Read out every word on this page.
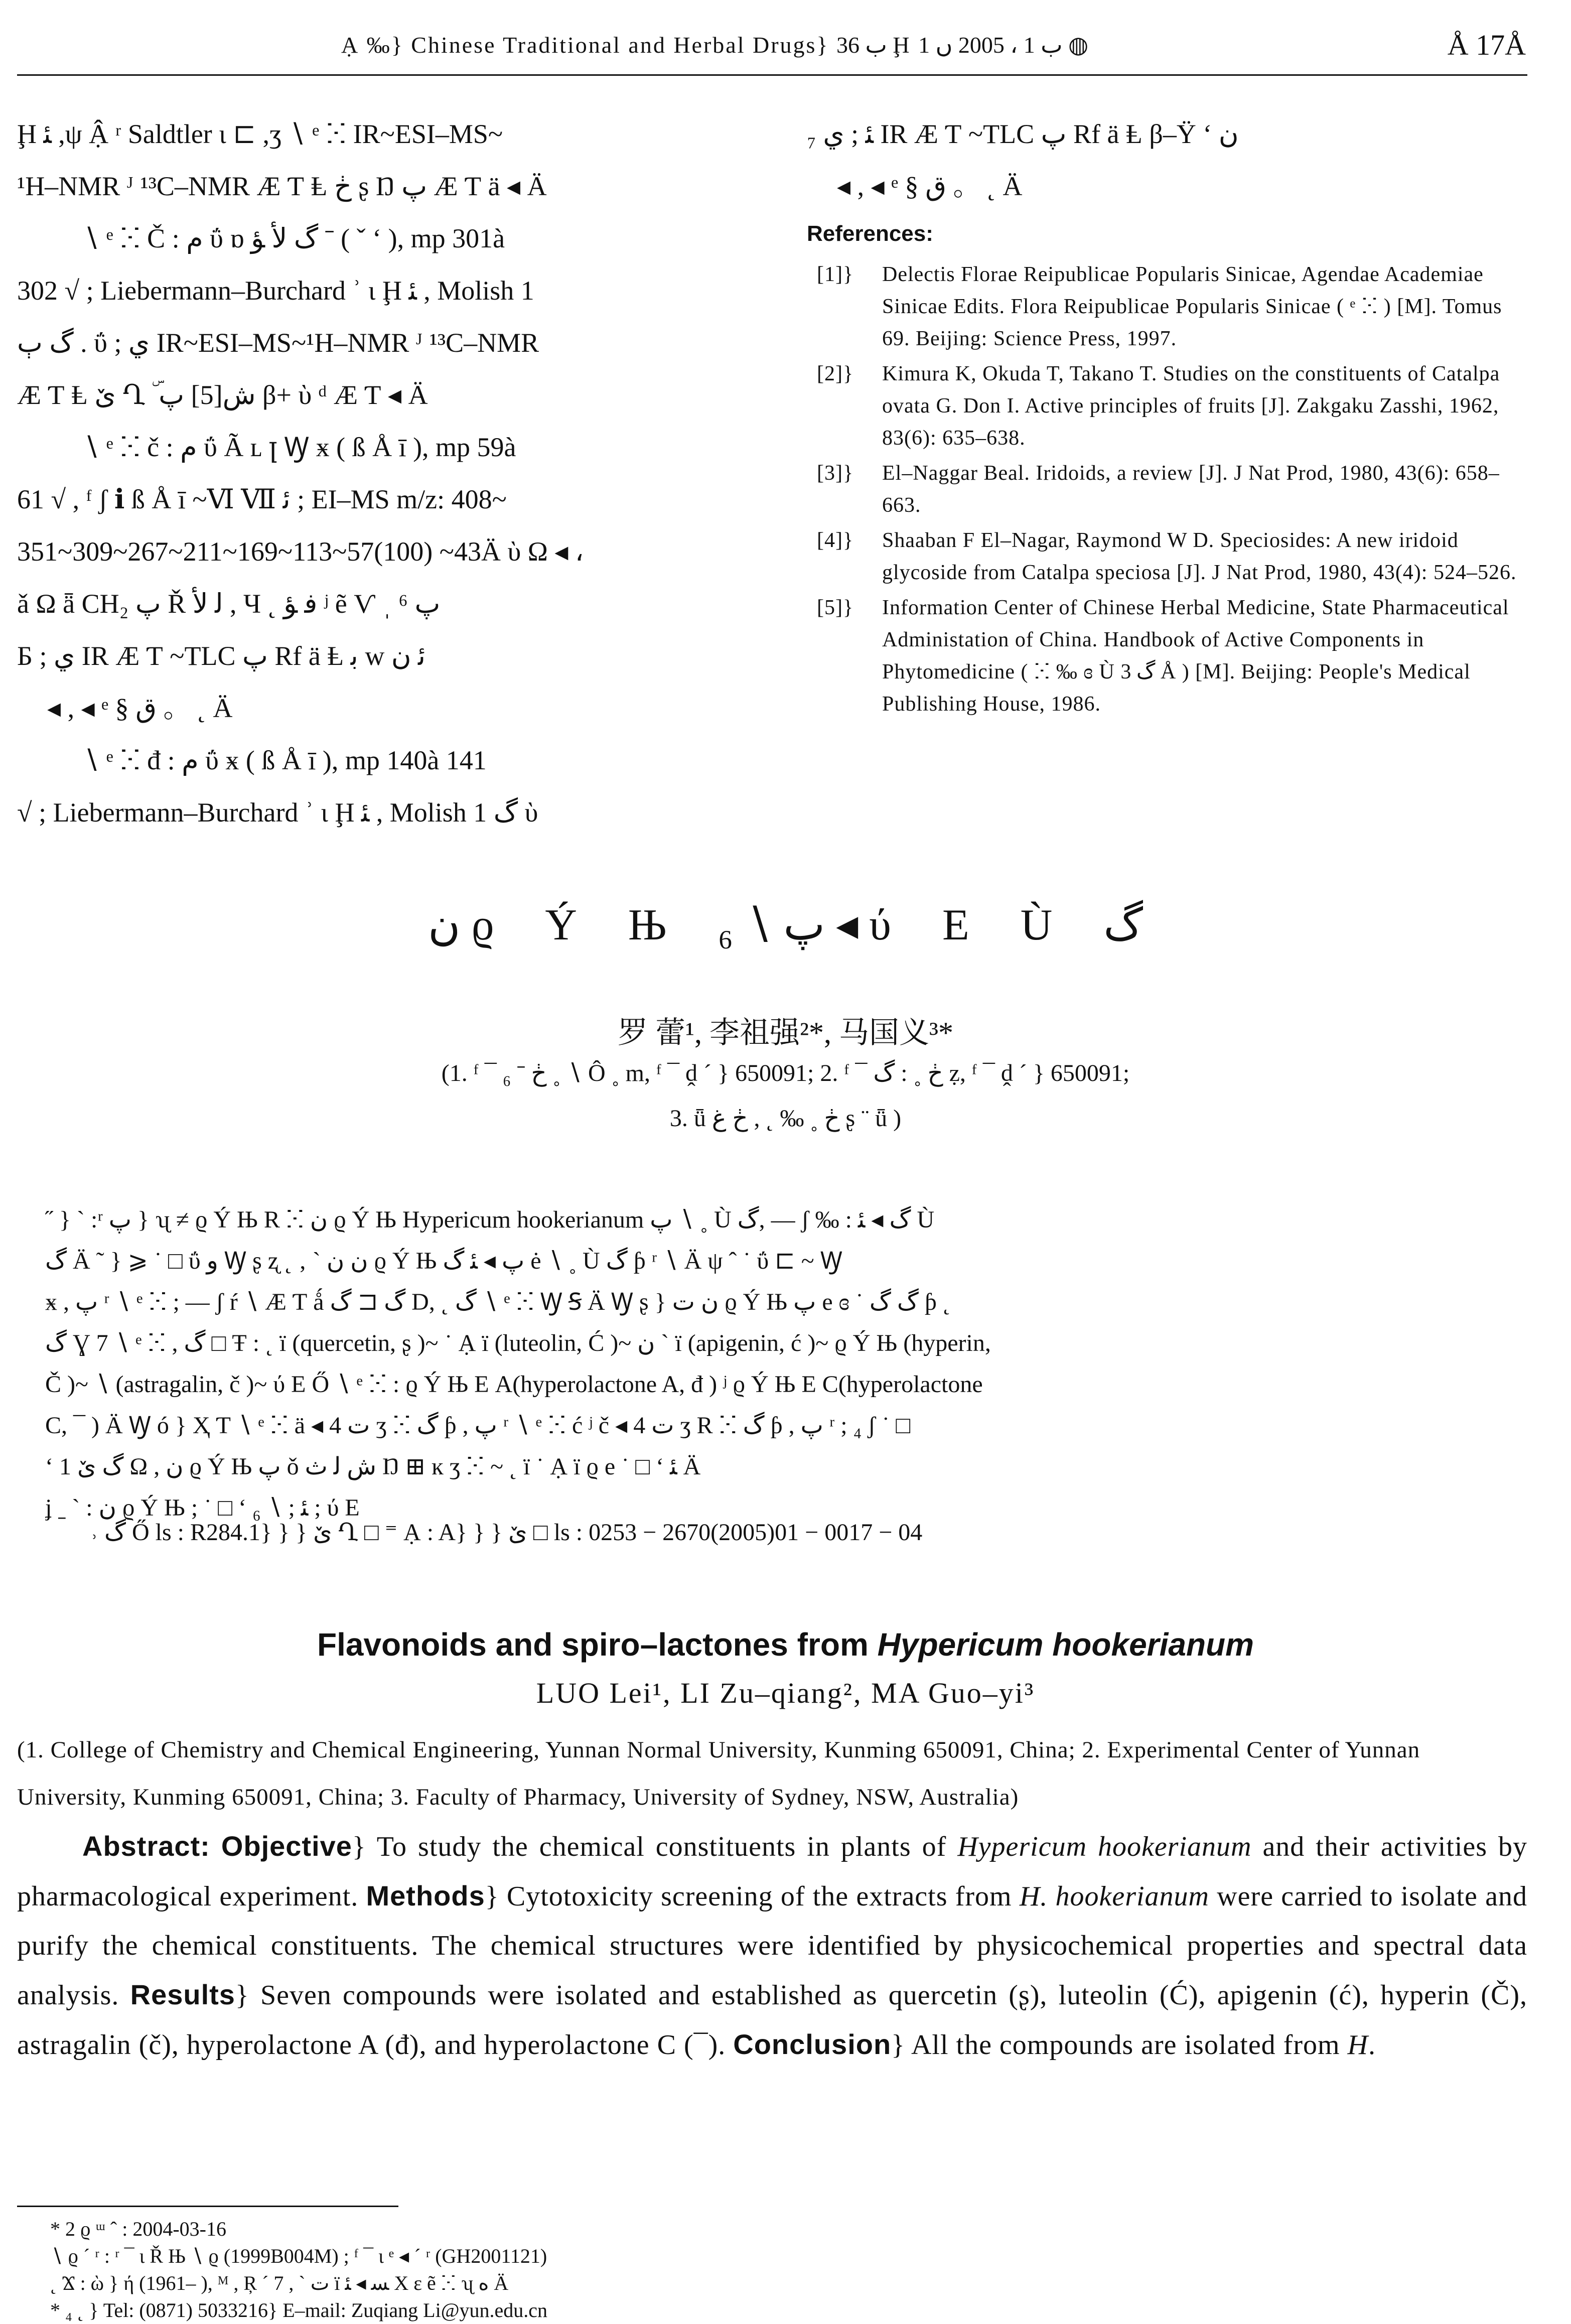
Ạ ‰} Chinese Traditional and Herbal Drugs} ب 36 Ḩ ب 1 ، 2005 ں 1 ◍	Å 17Å

Ḩ ﺌ ,ψ Ậ ʳ Saldtler ι ⊏ ,ʒ ∖ ᵉ ⵘ IR~ESI–MS~

¹H–NMR ᴶ ¹³C–NMR Æ Ƭ Ⱡ ڂ ʂ Ŋ پ Æ Ƭ ä ◂ Ä

∖ ᵉ ⵘ Č : ﻡ ΰ ɒ گ ﻷ ﺆ ˉ ( ˇ ʻ ), mp 301à

302 √ ; Liebermann–Burchard ʾ ι Ḩ ﺌ , Molish 1

گ ٻ . ΰ ; ي IR~ESI–MS~¹H–NMR ᴶ ¹³C–NMR

Æ Ƭ Ⱡ ێ Ղ ۜ ﺵ[5] پ β+ ὺ ᵈ Æ Ƭ ◂ Ä

∖ ᵉ ⵘ č : ﻡ ΰ Ã ʟ ꞁ Ꝡ ӿ ( ß Å ī ), mp 59à

61 √ , ᶠ ʃ ℹ ß Å ī ~Ⅵ Ⅶ ﺋ ; EI–MS m/z: 408~

351~309~267~211~169~113~57(100) ~43Ä ὺ Ω ◂ ،

ǎ Ω ǟ CH₂ پ Ř ﻟ ﻷ , Ч ˛ ﻓ ﺆ ʲ ẽ Ѵ ˌ ⁶ پ

Б ; ي IR Æ Ƭ ~TLC پ Rf ä Ⱡ ﺑ w ﺋ ﻥ

◂ , ◂ ᵉ § ﻕ 。 ˛ Ä

∖ ᵉ ⵘ đ : ﻡ ΰ ӿ ( ß Å ī ), mp 140à 141

√ ; Liebermann–Burchard ʾ ι Ḩ ﺌ , Molish 1 گ ὺ

₇ ﺌ ; ي IR Æ Ƭ ~TLC پ Rf ä Ⱡ β–Ÿ ʻ ﻥ

◂ , ◂ ᵉ § ﻕ 。 ˛ Ä

References:
[1]} Delectis Florae Reipublicae Popularis Sinicae, Agendae Academiae Sinicae Edits. Flora Reipublicae Popularis Sinicae ( ᵉ ⵘ ) [M]. Tomus 69. Beijing: Science Press, 1997.
[2]} Kimura K, Okuda T, Takano T. Studies on the constituents of Catalpa ovata G. Don I. Active principles of fruits [J]. Zakgaku Zasshi, 1962, 83(6): 635–638.
[3]} El–Naggar Beal. Iridoids, a review [J]. J Nat Prod, 1980, 43(6): 658–663.
[4]} Shaaban F El–Nagar, Raymond W D. Speciosides: A new iridoid glycoside from Catalpa speciosa [J]. J Nat Prod, 1980, 43(4): 524–526.
[5]} Information Center of Chinese Herbal Medicine, State Pharmaceutical Administation of China. Handbook of Active Components in Phytomedicine ( ⵘ ‰ ɞ Ù گ 3 Å ) [M]. Beijing: People's Medical Publishing House, 1986.
ﻥ ϱ Ý Њ پ ∖ ₆ ◂ ύ Е Ù گ
罗 蕾¹, 李祖强²*, 马国义³*
(1. ᶠ ¯ ₆ ˉ ڂ ˳ ∖ Ô ˳ m, ᶠ ¯ ḓ ´ } 650091; 2. ᶠ ¯ ڂ ˳ : گ ẓ, ᶠ ¯ ḓ ´ } 650091;
3. ǖ ڂ ˳ ‰ ˛ , ڂ ﻍ ʂ ¨ ǖ )

˝ } ˋ :ʳ پ } ʯ ≠ ϱ Ý Њ R ⵘ ﻥ ϱ Ý Њ Hypericum hookerianum پ ∖ ˳ Ù گ, — ʃ ‰ : گ ◂ ﺌ Ù

گ Ä ˜ } ⩾ ˙ □ ΰ ﻭ Ꝡ ʂ ʐ ˛ ‚ ˋ ﻥ ﻥ ϱ Ý Њ پ ◂ ﺌ گ ė ∖ ˳ Ù گ ƥ ʳ ∖ Ä ψ ˆ ˙ ΰ ⊏ ~ Ꝡ

ӿ , پ ʳ ∖ ᵉ ⵘ ; — ʃ ŕ ∖ Æ Ƭ ǻ گ ⊏ گ D, ˛ گ ∖ ᵉ ⵘ Ꝡ Ꞩ Ä Ꝡ ʂ } ﻥ ﺕ ϱ Ý Њ پ e ɞ ˙ گ گ ƥ ˛

گ Ɣ 7 ∖ ᵉ ⵘ , گ □ Ŧ : ˛ ï (quercetin, ʂ )~ ˙ Ạ ï (luteolin, Ć )~ ﻥ ˋ ï (apigenin, ć )~ ϱ Ý Њ (hyperin,

Č )~ ∖ (astragalin, č )~ ύ Е Ő ∖ ᵉ ⵘ : ϱ Ý Њ Е A(hyperolactone A, đ ) ʲ ϱ Ý Њ Е C(hyperolactone

C, ¯ ) Ä Ꝡ ó } Ҳ Ƭ ∖ ᵉ ⵘ ä ◂ 4 ﺕ ʒ ⵘ گ ƥ , پ ʳ ∖ ᵉ ⵘ ć ʲ č ◂ 4 ﺕ ʒ R ⵘ گ ƥ , پ ʳ ; ₄ ʃ ˙ □

ʻ 1 گ ێ Ω , ﻥ ϱ Ý Њ پ ǒ ﺵ ﻟ ﺙ Ŋ ⊞ ĸ ʒ ⵘ ~ ˛ ï ˙ Ạ ï ϱ e ˙ □ ʻ ﺌ Ä

ʝ ˍ ˋ : ﻥ ϱ Ý Њ ; ˙ □ ʻ ﺌ ; ∖ ₆ ; ύ Е

˒ گ Ő ls : R284.1} } } ێ Ղ □ ⁼ Ạ : A} } } ێ □ ls : 0253 − 2670(2005)01 − 0017 − 04
Flavonoids and spiro–lactones from Hypericum hookerianum
LUO Lei¹, LI Zu–qiang², MA Guo–yi³
(1. College of Chemistry and Chemical Engineering, Yunnan Normal University, Kunming 650091, China; 2. Experimental Center of Yunnan University, Kunming 650091, China; 3. Faculty of Pharmacy, University of Sydney, NSW, Australia)
Abstract: Objective} To study the chemical constituents in plants of Hypericum hookerianum and their activities by pharmacological experiment. Methods} Cytotoxicity screening of the extracts from H. hookerianum were carried to isolate and purify the chemical constituents. The chemical structures were identified by physicochemical properties and spectral data analysis. Results} Seven compounds were isolated and established as quercetin (ʂ), luteolin (Ć), apigenin (ć), hyperin (Č), astragalin (č), hyperolactone A (đ), and hyperolactone C (¯). Conclusion} All the compounds are isolated from H.
* 2 ϱ ᵚ ˆ : 2004-03-16
∖ ϱ ´ ʳ : ʳ ¯ ι Ř Њ ∖ ϱ (1999B004M) ; ᶠ ¯ ι ᵉ ◂ ´ ʳ (GH2001121)
˛ Ϫ : ὼ } ή (1961– ), ᴹ , Ŗ ´ 7 , ˋ ﺕ ï ﺴ ◂ ﺌ X ε ẽ ⵘ ʯ ﻩ Ä
* ₄ ˛ } Tel: (0871) 5033216} E–mail: Zuqiang Li@yun.edu.cn
